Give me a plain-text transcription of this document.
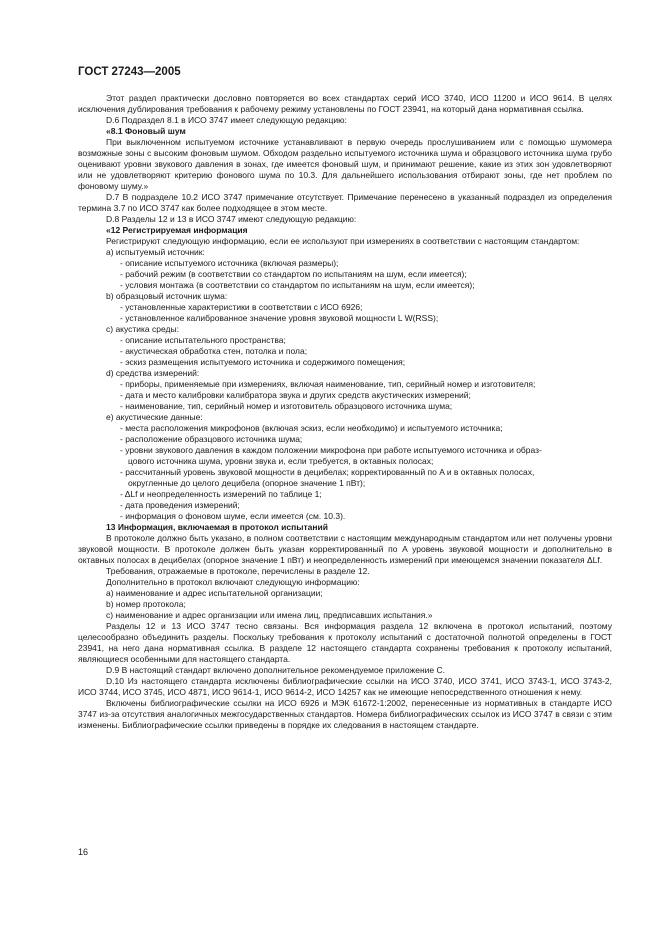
ГОСТ 27243—2005
Этот раздел практически дословно повторяется во всех стандартах серий ИСО 3740, ИСО 11200 и ИСО 9614. В целях исключения дублирования требования к рабочему режиму установлены по ГОСТ 23941, на который дана нормативная ссылка.
D.6 Подраздел 8.1 в ИСО 3747 имеет следующую редакцию:
«8.1 Фоновый шум
При выключенном испытуемом источнике устанавливают в первую очередь прослушиванием или с помощью шумомера возможные зоны с высоким фоновым шумом. Обходом раздельно испытуемого источника шума и образцового источника шума грубо оценивают уровни звукового давления в зонах, где имеется фоновый шум, и принимают решение, какие из этих зон удовлетворяют или не удовлетворяют критерию фонового шума по 10.3. Для дальнейшего использования отбирают зоны, где нет проблем по фоновому шуму.»
D.7 В подразделе 10.2 ИСО 3747 примечание отсутствует. Примечание перенесено в указанный подраздел из определения термина 3.7 по ИСО 3747 как более подходящее в этом месте.
D.8 Разделы 12 и 13 в ИСО 3747 имеют следующую редакцию:
«12 Регистрируемая информация
Регистрируют следующую информацию, если ее используют при измерениях в соответствии с настоящим стандартом:
a) испытуемый источник:
- описание испытуемого источника (включая размеры);
- рабочий режим (в соответствии со стандартом по испытаниям на шум, если имеется);
- условия монтажа (в соответствии со стандартом по испытаниям на шум, если имеется);
b) образцовый источник шума:
- установленные характеристики в соответствии с ИСО 6926;
- установленное калиброванное значение уровня звуковой мощности L W(RSS);
c) акустика среды:
- описание испытательного пространства;
- акустическая обработка стен, потолка и пола;
- эскиз размещения испытуемого источника и содержимого помещения;
d) средства измерений:
- приборы, применяемые при измерениях, включая наименование, тип, серийный номер и изготовителя;
- дата и место калибровки калибратора звука и других средств акустических измерений;
- наименование, тип, серийный номер и изготовитель образцового источника шума;
e) акустические данные:
- места расположения микрофонов (включая эскиз, если необходимо) и испытуемого источника;
- расположение образцового источника шума;
- уровни звукового давления в каждом положении микрофона при работе испытуемого источника и образ-
цового источника шума, уровни звука и, если требуется, в октавных полосах;
- рассчитанный уровень звуковой мощности в децибелах; корректированный по A и в октавных полосах,
округленные до целого децибела (опорное значение 1 пВт);
- ΔLf и неопределенность измерений по таблице 1;
- дата проведения измерений;
- информация о фоновом шуме, если имеется (см. 10.3).
13 Информация, включаемая в протокол испытаний
В протоколе должно быть указано, в полном соответствии с настоящим международным стандартом или нет получены уровни звуковой мощности. В протоколе должен быть указан корректированный по A уровень звуковой мощности и дополнительно в октавных полосах в децибелах (опорное значение 1 пВт) и неопределенность измерений при имеющемся значении показателя ΔLf.
Требования, отражаемые в протоколе, перечислены в разделе 12.
Дополнительно в протокол включают следующую информацию:
a) наименование и адрес испытательной организации;
b) номер протокола;
c) наименование и адрес организации или имена лиц, предписавших испытания.»
Разделы 12 и 13 ИСО 3747 тесно связаны. Вся информация раздела 12 включена в протокол испытаний, поэтому целесообразно объединить разделы. Поскольку требования к протоколу испытаний с достаточной полнотой определены в ГОСТ 23941, на него дана нормативная ссылка. В разделе 12 настоящего стандарта сохранены требования к протоколу испытаний, являющиеся особенными для настоящего стандарта.
D.9 В настоящий стандарт включено дополнительное рекомендуемое приложение С.
D.10 Из настоящего стандарта исключены библиографические ссылки на ИСО 3740, ИСО 3741, ИСО 3743-1, ИСО 3743-2, ИСО 3744, ИСО 3745, ИСО 4871, ИСО 9614-1, ИСО 9614-2, ИСО 14257 как не имеющие непосредственного отношения к нему.
Включены библиографические ссылки на ИСО 6926 и МЭК 61672-1:2002, перенесенные из нормативных в стандарте ИСО 3747 из-за отсутствия аналогичных межгосударственных стандартов. Номера библиографических ссылок из ИСО 3747 в связи с этим изменены. Библиографические ссылки приведены в порядке их следования в настоящем стандарте.
16
